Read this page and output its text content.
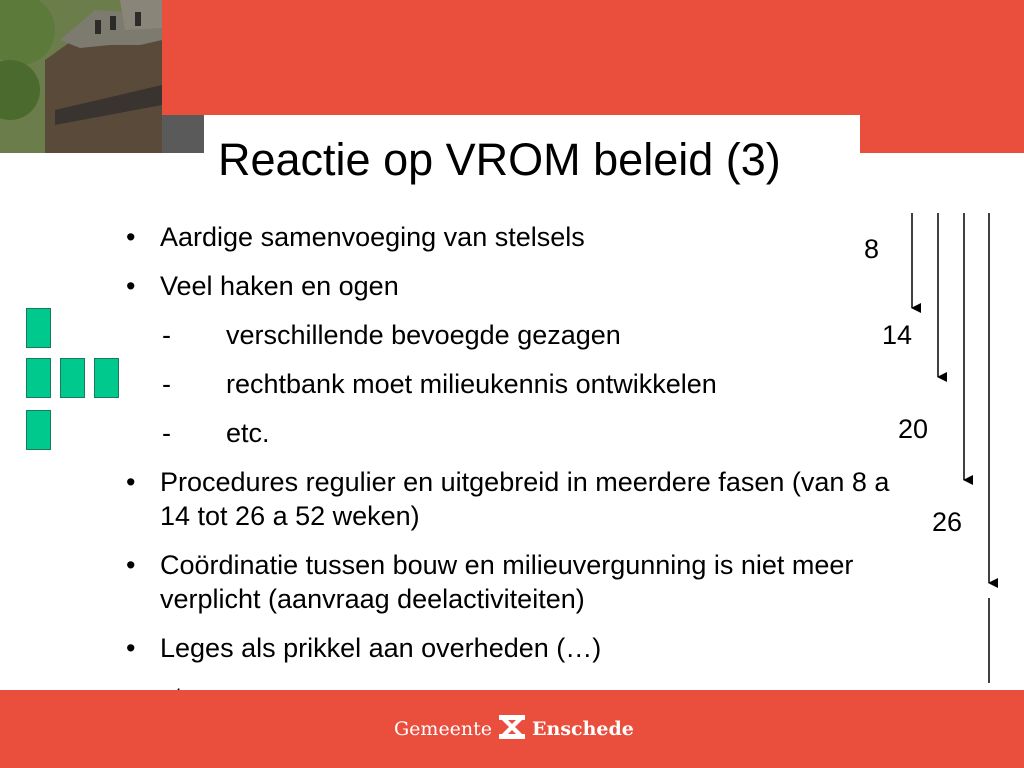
Reactie op VROM beleid (3)
• Aardige samenvoeging van stelsels
• Veel haken en ogen
- verschillende bevoegde gezagen
- rechtbank moet milieukennis ontwikkelen
- etc.
• Procedures regulier en uitgebreid in meerdere fasen (van 8 a 14 tot 26 a 52 weken)
• Coördinatie tussen bouw en milieuvergunning is niet meer verplicht (aanvraag deelactiviteiten)
• Leges als prikkel aan overheden (…)
8
14
20
26
Gemeente Enschede
